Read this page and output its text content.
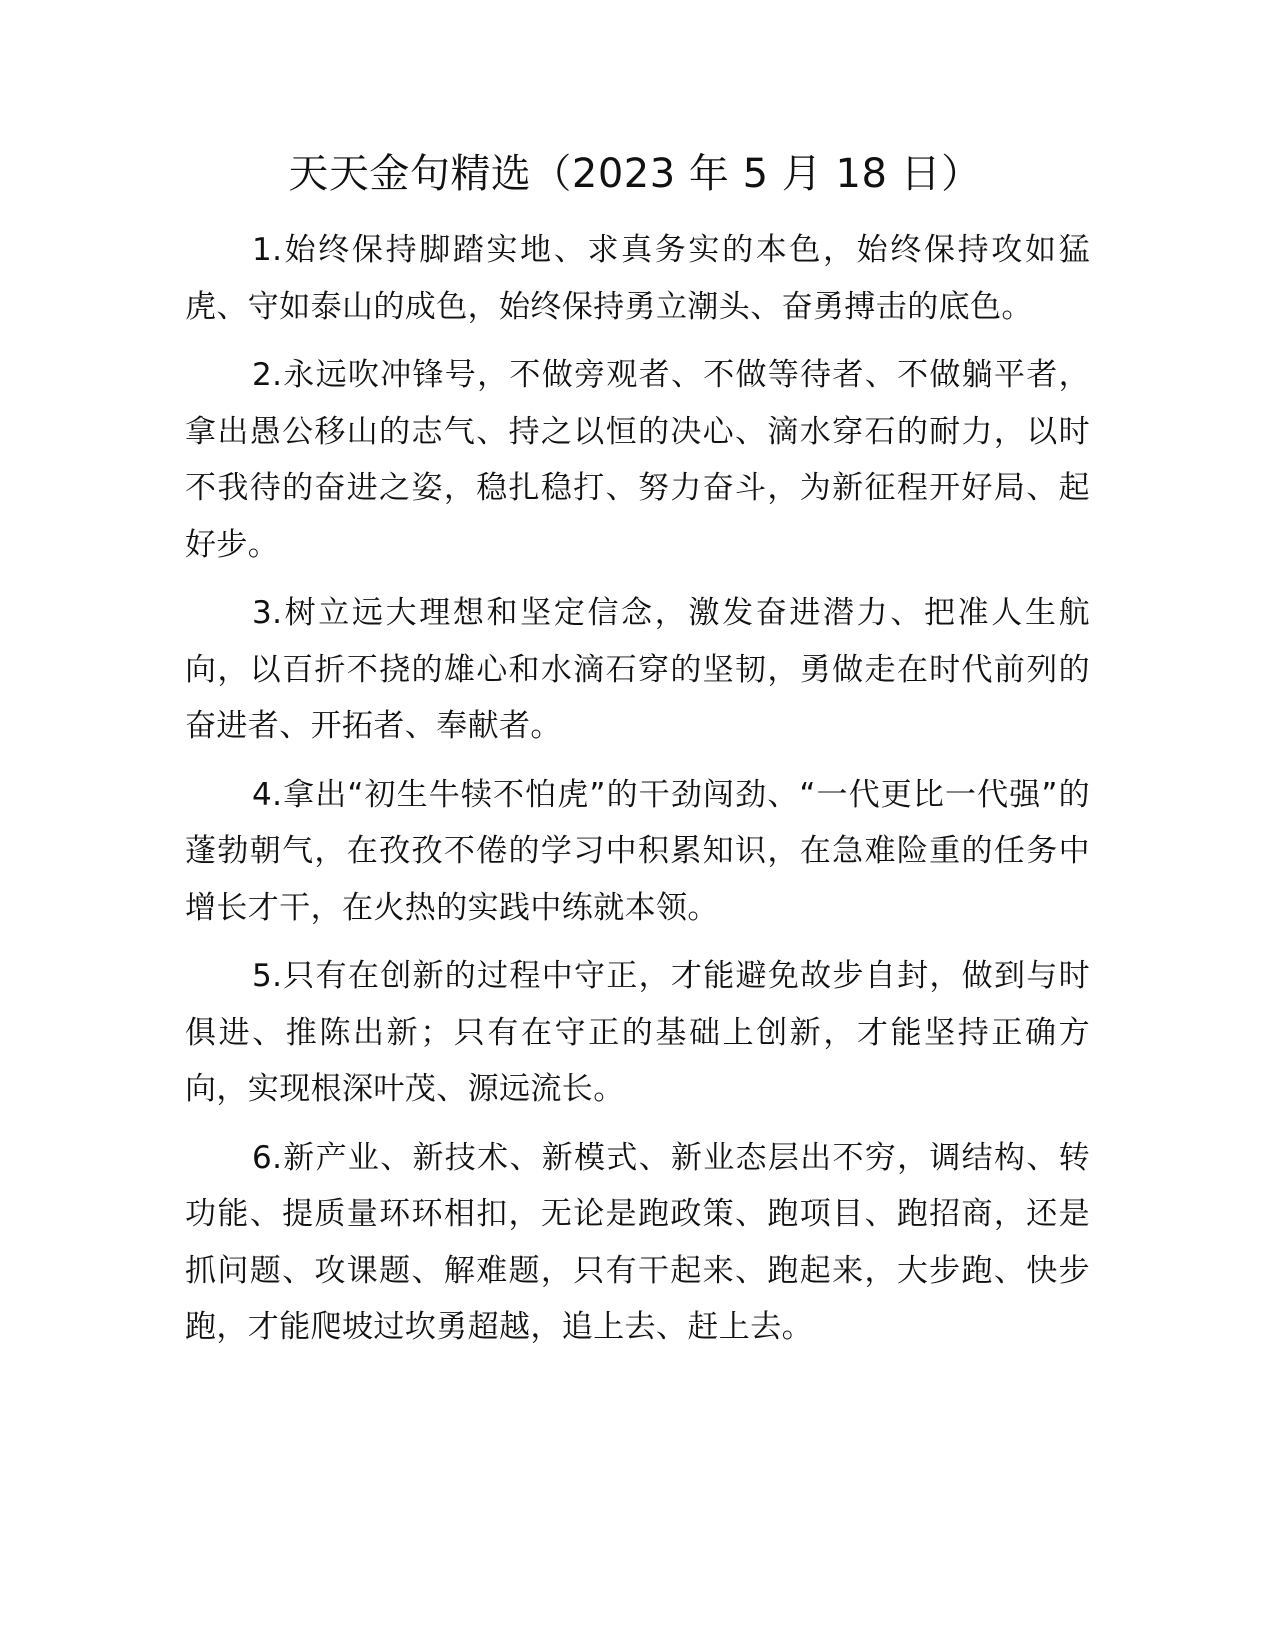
天天金句精选（2023 年 5 月 18 日）

1.始终保持脚踏实地、求真务实的本色，始终保持攻如猛虎、守如泰山的成色，始终保持勇立潮头、奋勇搏击的底色。

2.永远吹冲锋号，不做旁观者、不做等待者、不做躺平者，拿出愚公移山的志气、持之以恒的决心、滴水穿石的耐力，以时不我待的奋进之姿，稳扎稳打、努力奋斗，为新征程开好局、起好步。

3.树立远大理想和坚定信念，激发奋进潜力、把准人生航向，以百折不挠的雄心和水滴石穿的坚韧，勇做走在时代前列的奋进者、开拓者、奉献者。

4.拿出“初生牛犊不怕虎”的干劲闯劲、“一代更比一代强”的蓬勃朝气，在孜孜不倦的学习中积累知识，在急难险重的任务中增长才干，在火热的实践中练就本领。

5.只有在创新的过程中守正，才能避免故步自封，做到与时俱进、推陈出新；只有在守正的基础上创新，才能坚持正确方向，实现根深叶茂、源远流长。

6.新产业、新技术、新模式、新业态层出不穷，调结构、转功能、提质量环环相扣，无论是跑政策、跑项目、跑招商，还是抓问题、攻课题、解难题，只有干起来、跑起来，大步跑、快步跑，才能爬坡过坎勇超越，追上去、赶上去。
